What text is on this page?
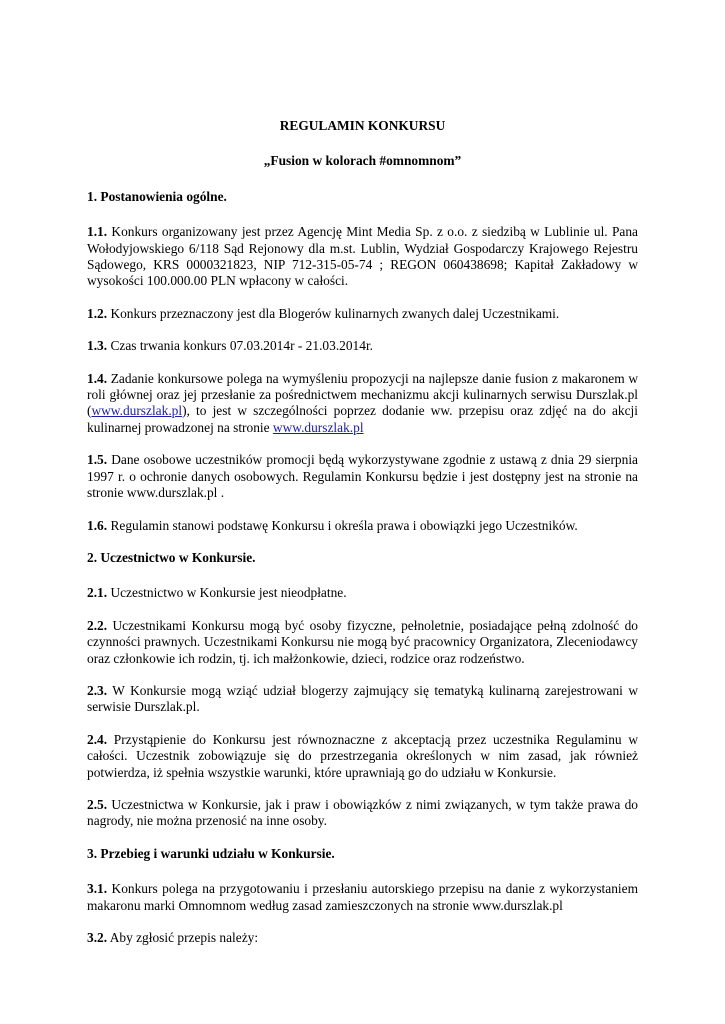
REGULAMIN KONKURSU
„Fusion w kolorach #omnomnom”
1. Postanowienia ogólne.

1.1. Konkurs organizowany jest przez Agencję Mint Media Sp. z o.o. z siedzibą w Lublinie ul. Pana Wołodyjowskiego 6/118 Sąd Rejonowy dla m.st. Lublin, Wydział Gospodarczy Krajowego Rejestru Sądowego, KRS 0000321823, NIP 712-315-05-74 ; REGON 060438698; Kapitał Zakładowy w wysokości 100.000.00 PLN wpłacony w całości.

1.2. Konkurs przeznaczony jest dla Blogerów kulinarnych zwanych dalej Uczestnikami.

1.3. Czas trwania konkurs 07.03.2014r - 21.03.2014r.

1.4. Zadanie konkursowe polega na wymyśleniu propozycji na najlepsze danie fusion z makaronem w roli głównej oraz jej przesłanie za pośrednictwem mechanizmu akcji kulinarnych serwisu Durszlak.pl (www.durszlak.pl), to jest w szczególności poprzez dodanie ww. przepisu oraz zdjęć na do akcji kulinarnej prowadzonej na stronie www.durszlak.pl

1.5. Dane osobowe uczestników promocji będą wykorzystywane zgodnie z ustawą z dnia 29 sierpnia 1997 r. o ochronie danych osobowych. Regulamin Konkursu będzie i jest dostępny jest na stronie na stronie www.durszlak.pl .

1.6. Regulamin stanowi podstawę Konkursu i określa prawa i obowiązki jego Uczestników.

2. Uczestnictwo w Konkursie.

2.1. Uczestnictwo w Konkursie jest nieodpłatne.

2.2. Uczestnikami Konkursu mogą być osoby fizyczne, pełnoletnie, posiadające pełną zdolność do czynności prawnych. Uczestnikami Konkursu nie mogą być pracownicy Organizatora, Zleceniodawcy oraz członkowie ich rodzin, tj. ich małżonkowie, dzieci, rodzice oraz rodzeństwo.

2.3. W Konkursie mogą wziąć udział blogerzy zajmujący się tematyką kulinarną zarejestrowani w serwisie Durszlak.pl.

2.4. Przystąpienie do Konkursu jest równoznaczne z akceptacją przez uczestnika Regulaminu w całości. Uczestnik zobowiązuje się do przestrzegania określonych w nim zasad, jak również potwierdza, iż spełnia wszystkie warunki, które uprawniają go do udziału w Konkursie.

2.5. Uczestnictwa w Konkursie, jak i praw i obowiązków z nimi związanych, w tym także prawa do nagrody, nie można przenosić na inne osoby.

3. Przebieg i warunki udziału w Konkursie.

3.1. Konkurs polega na przygotowaniu i przesłaniu autorskiego przepisu na danie z wykorzystaniem makaronu marki Omnomnom według zasad zamieszczonych na stronie www.durszlak.pl

3.2. Aby zgłosić przepis należy:
